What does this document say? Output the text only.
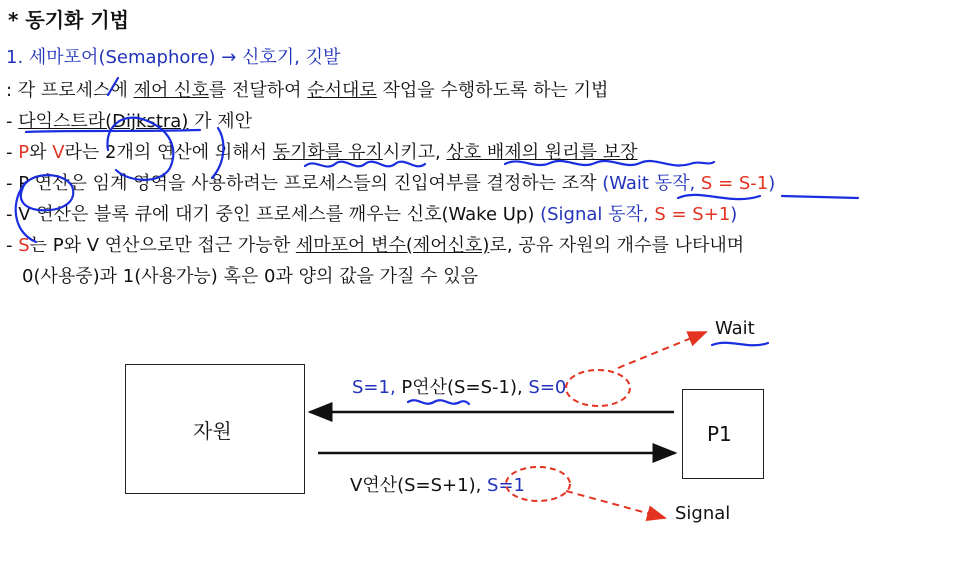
* 동기화 기법
1. 세마포어(Semaphore) → 신호기, 깃발
: 각 프로세스에 제어 신호를 전달하여 순서대로 작업을 수행하도록 하는 기법
- 다익스트라(Dijkstra) 가 제안
- P와 V라는 2개의 연산에 의해서 동기화를 유지시키고, 상호 배제의 원리를 보장
- P 연산은 임계 영역을 사용하려는 프로세스들의 진입여부를 결정하는 조작 (Wait 동작, S = S-1)
- V 연산은 블록 큐에 대기 중인 프로세스를 깨우는 신호(Wake Up) (Signal 동작, S = S+1)
- S는 P와 V 연산으로만 접근 가능한 세마포어 변수(제어신호)로, 공유 자원의 개수를 나타내며
0(사용중)과 1(사용가능) 혹은 0과 양의 값을 가질 수 있음
자원	P1
S=1, P연산(S=S-1), S=0
V연산(S=S+1), S=1
Wait
Signal
